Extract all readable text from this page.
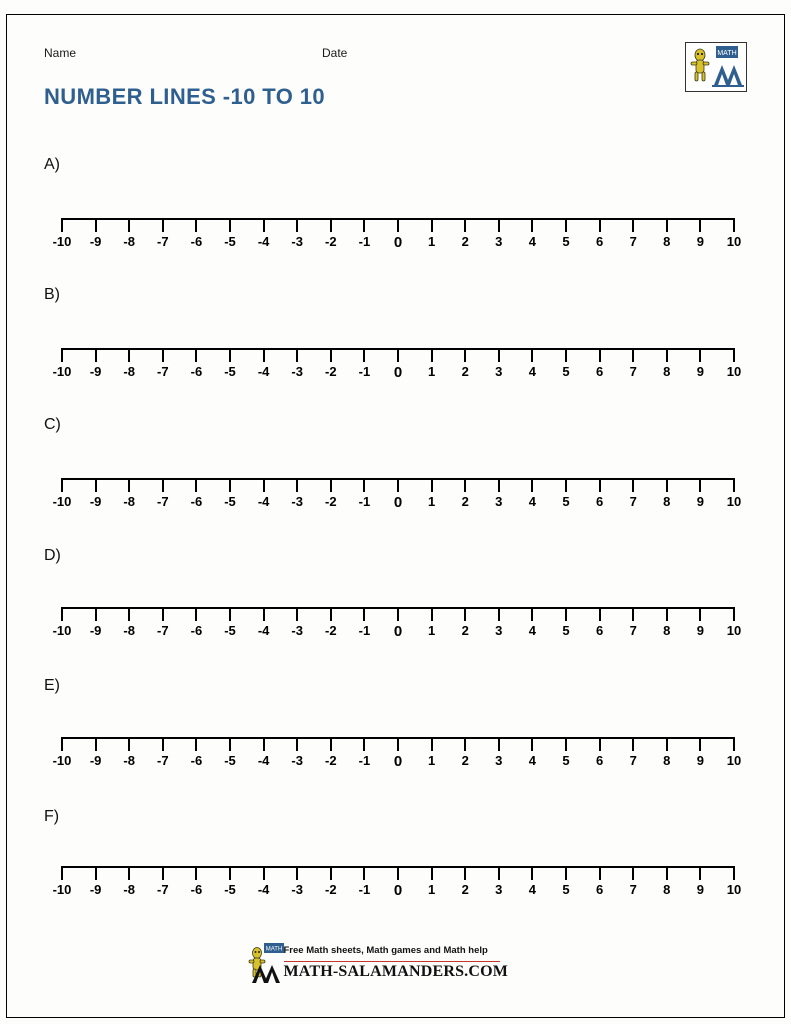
Name	Date
NUMBER LINES -10 TO 10
MATH
A)
-10 -9 -8 -7 -6 -5 -4 -3 -2 -1 0 1 2 3 4 5 6 7 8 9 10
B)
-10 -9 -8 -7 -6 -5 -4 -3 -2 -1 0 1 2 3 4 5 6 7 8 9 10
C)
-10 -9 -8 -7 -6 -5 -4 -3 -2 -1 0 1 2 3 4 5 6 7 8 9 10
D)
-10 -9 -8 -7 -6 -5 -4 -3 -2 -1 0 1 2 3 4 5 6 7 8 9 10
E)
-10 -9 -8 -7 -6 -5 -4 -3 -2 -1 0 1 2 3 4 5 6 7 8 9 10
F)
-10 -9 -8 -7 -6 -5 -4 -3 -2 -1 0 1 2 3 4 5 6 7 8 9 10
MATH Free Math sheets, Math games and Math help
MATH-SALAMANDERS.COM
